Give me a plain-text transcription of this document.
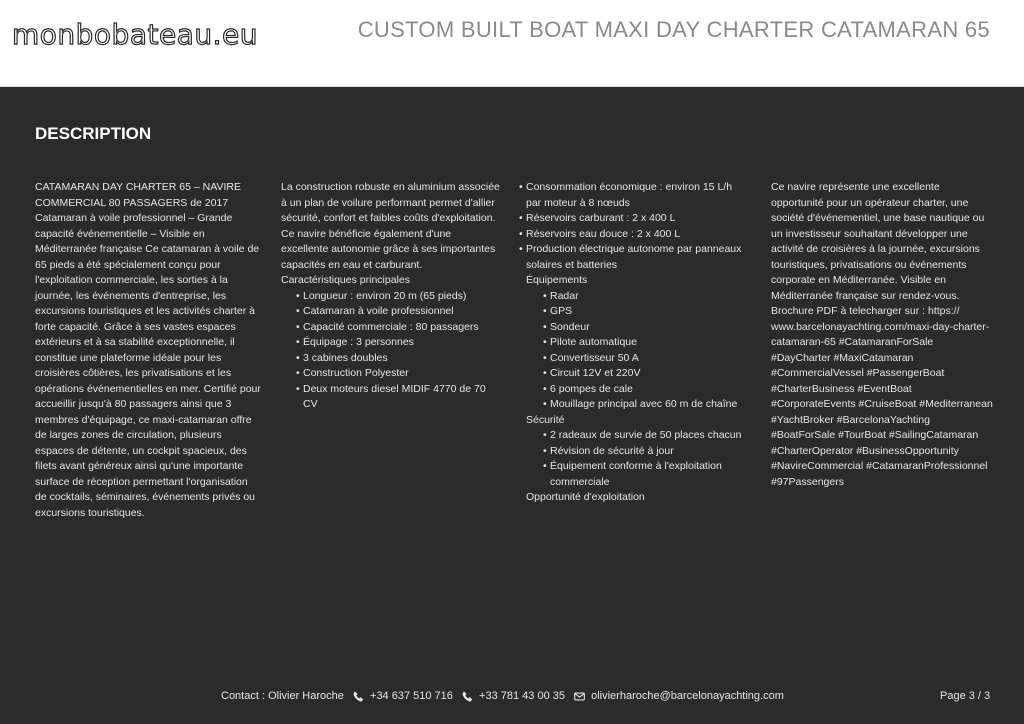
monbobateau.eu	CUSTOM BUILT BOAT MAXI DAY CHARTER CATAMARAN 65
DESCRIPTION

CATAMARAN DAY CHARTER 65 – NAVIRE COMMERCIAL 80 PASSAGERS de 2017 Catamaran à voile professionnel – Grande capacité événementielle – Visible en Méditerranée française Ce catamaran à voile de 65 pieds a été spécialement conçu pour l'exploitation commerciale, les sorties à la journée, les événements d'entreprise, les excursions touristiques et les activités charter à forte capacité. Grâce à ses vastes espaces extérieurs et à sa stabilité exceptionnelle, il constitue une plateforme idéale pour les croisières côtières, les privatisations et les opérations événementielles en mer. Certifié pour accueillir jusqu'à 80 passagers ainsi que 3 membres d'équipage, ce maxi-catamaran offre de larges zones de circulation, plusieurs espaces de détente, un cockpit spacieux, des filets avant généreux ainsi qu'une importante surface de réception permettant l'organisation de cocktails, séminaires, événements privés ou excursions touristiques.

La construction robuste en aluminium associée à un plan de voilure performant permet d'allier sécurité, confort et faibles coûts d'exploitation. Ce navire bénéficie également d'une excellente autonomie grâce à ses importantes capacités en eau et carburant. Caractéristiques principales

• Longueur : environ 20 m (65 pieds)
• Catamaran à voile professionnel
• Capacité commerciale : 80 passagers
• Équipage : 3 personnes
• 3 cabines doubles
• Construction Polyester
• Deux moteurs diesel MIDIF 4770 de 70 CV
• Consommation économique : environ 15 L/h par moteur à 8 nœuds
• Réservoirs carburant : 2 x 400 L
• Réservoirs eau douce : 2 x 400 L
• Production électrique autonome par panneaux solaires et batteries
Équipements
• Radar
• GPS
• Sondeur
• Pilote automatique
• Convertisseur 50 A
• Circuit 12V et 220V
• 6 pompes de cale
• Mouillage principal avec 60 m de chaîne
Sécurité
• 2 radeaux de survie de 50 places chacun
• Révision de sécurité à jour
• Équipement conforme à l'exploitation commerciale
Opportunité d'exploitation

Ce navire représente une excellente opportunité pour un opérateur charter, une société d'événementiel, une base nautique ou un investisseur souhaitant développer une activité de croisières à la journée, excursions touristiques, privatisations ou événements corporate en Méditerranée. Visible en Méditerranée française sur rendez-vous. Brochure PDF à telecharger sur : https:// www.barcelonayachting.com/maxi-day-charter-catamaran-65 #CatamaranForSale #DayCharter #MaxiCatamaran #CommercialVessel #PassengerBoat #CharterBusiness #EventBoat #CorporateEvents #CruiseBoat #Mediterranean #YachtBroker #BarcelonaYachting #BoatForSale #TourBoat #SailingCatamaran #CharterOperator #BusinessOpportunity #NavireCommercial #CatamaranProfessionnel #97Passengers

Contact : Olivier Haroche +34 637 510 716 +33 781 43 00 35 olivierharoche@barcelonayachting.com	Page 3 / 3
